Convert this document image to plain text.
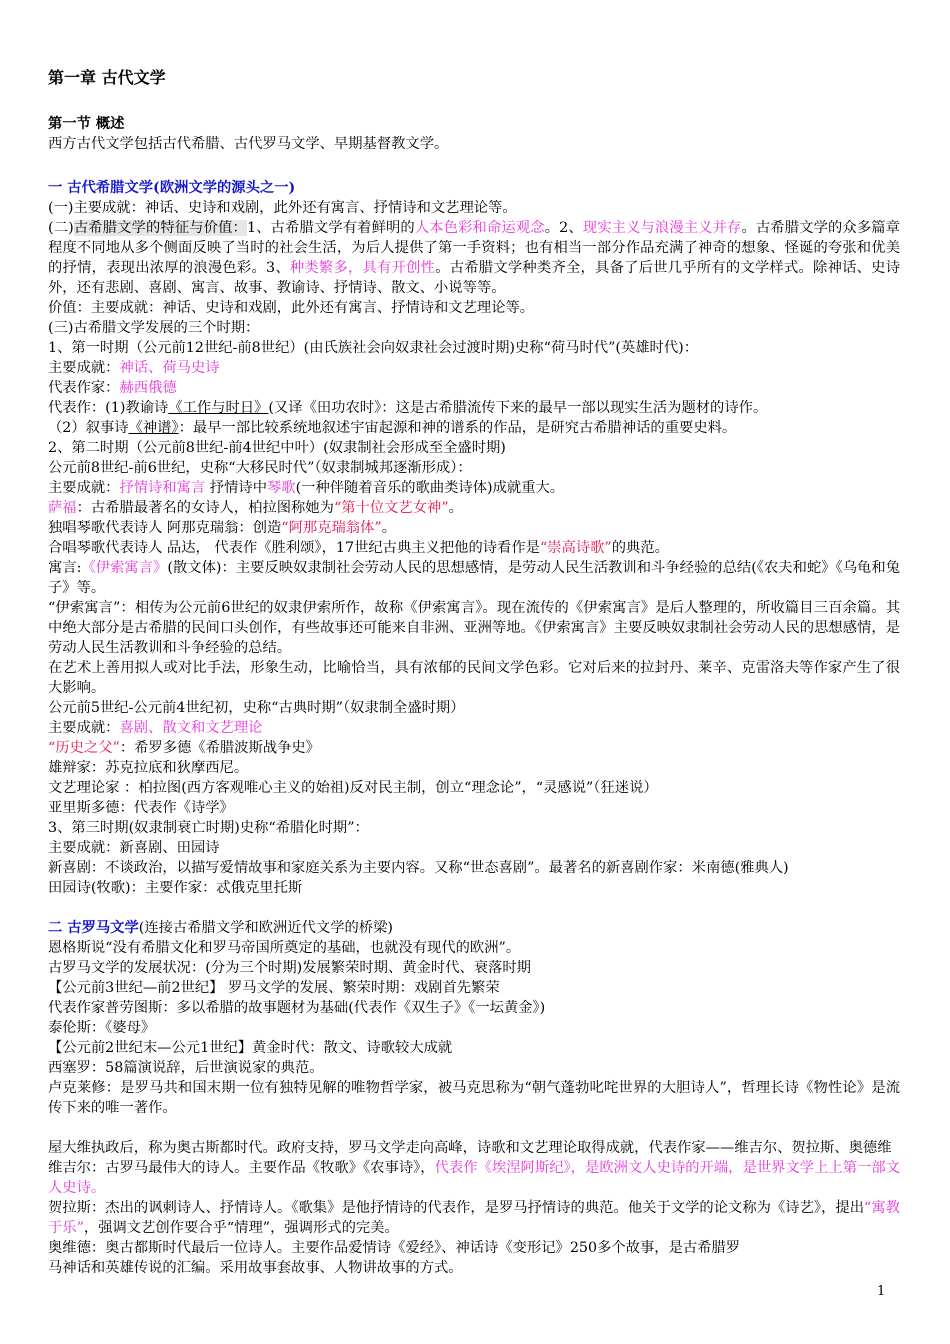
第一章 古代文学
第一节 概述
西方古代文学包括古代希腊、古代罗马文学、早期基督教文学。
一 古代希腊文学(欧洲文学的源头之一)
(一)主要成就：神话、史诗和戏剧，此外还有寓言、抒情诗和文艺理论等。
(二)古希腊文学的特征与价值：1、古希腊文学有着鲜明的人本色彩和命运观念。2、现实主义与浪漫主义并存。古希腊文学的众多篇章程度不同地从多个侧面反映了当时的社会生活，为后人提供了第一手资料；也有相当一部分作品充满了神奇的想象、怪诞的夸张和优美的抒情，表现出浓厚的浪漫色彩。3、种类繁多，具有开创性。古希腊文学种类齐全，具备了后世几乎所有的文学样式。除神话、史诗外，还有悲剧、喜剧、寓言、故事、教谕诗、抒情诗、散文、小说等等。
价值：主要成就：神话、史诗和戏剧，此外还有寓言、抒情诗和文艺理论等。
(三)古希腊文学发展的三个时期：
1、第一时期（公元前12世纪-前8世纪）(由氏族社会向奴隶社会过渡时期)史称“荷马时代”(英雄时代)：
主要成就：神话、荷马史诗
代表作家：赫西俄德
代表作：(1)教谕诗《工作与时日》(又译《田功农时》：这是古希腊流传下来的最早一部以现实生活为题材的诗作。
（2）叙事诗《神谱》：最早一部比较系统地叙述宇宙起源和神的谱系的作品，是研究古希腊神话的重要史料。
2、第二时期（公元前8世纪-前4世纪中叶）(奴隶制社会形成至全盛时期)
公元前8世纪-前6世纪，史称“大移民时代”（奴隶制城邦逐渐形成）：
主要成就：抒情诗和寓言 抒情诗中琴歌(一种伴随着音乐的歌曲类诗体)成就重大。
萨福：古希腊最著名的女诗人，柏拉图称她为“第十位文艺女神”。
独唱琴歌代表诗人 阿那克瑞翁：创造“阿那克瑞翁体”。
合唱琴歌代表诗人 品达， 代表作《胜利颂》，17世纪古典主义把他的诗看作是“崇高诗歌”的典范。
寓言:《伊索寓言》(散文体)：主要反映奴隶制社会劳动人民的思想感情，是劳动人民生活教训和斗争经验的总结(《农夫和蛇》《乌龟和兔子》等。
“伊索寓言”：相传为公元前6世纪的奴隶伊索所作，故称《伊索寓言》。现在流传的《伊索寓言》是后人整理的，所收篇目三百余篇。其中绝大部分是古希腊的民间口头创作，有些故事还可能来自非洲、亚洲等地。《伊索寓言》主要反映奴隶制社会劳动人民的思想感情，是劳动人民生活教训和斗争经验的总结。
在艺术上善用拟人或对比手法，形象生动，比喻恰当，具有浓郁的民间文学色彩。它对后来的拉封丹、莱辛、克雷洛夫等作家产生了很大影响。
公元前5世纪-公元前4世纪初，史称“古典时期”（奴隶制全盛时期）
主要成就：喜剧、散文和文艺理论
“历史之父”：希罗多德《希腊波斯战争史》
雄辩家：苏克拉底和狄摩西尼。
文艺理论家 ：柏拉图(西方客观唯心主义的始祖)反对民主制，创立“理念论”，“灵感说”（狂迷说）
亚里斯多德：代表作《诗学》
3、第三时期(奴隶制衰亡时期)史称“希腊化时期”：
主要成就：新喜剧、田园诗
新喜剧：不谈政治，以描写爱情故事和家庭关系为主要内容。又称“世态喜剧”。最著名的新喜剧作家：米南德(雅典人)
田园诗(牧歌)：主要作家：忒俄克里托斯
二 古罗马文学(连接古希腊文学和欧洲近代文学的桥梁)
恩格斯说“没有希腊文化和罗马帝国所奠定的基础，也就没有现代的欧洲”。
古罗马文学的发展状况：(分为三个时期)发展繁荣时期、黄金时代、衰落时期
【公元前3世纪—前2世纪】 罗马文学的发展、繁荣时期：戏剧首先繁荣
代表作家普劳图斯：多以希腊的故事题材为基础(代表作《双生子》《一坛黄金》)
泰伦斯：《婆母》
【公元前2世纪末—公元1世纪】黄金时代：散文、诗歌较大成就
西塞罗：58篇演说辞，后世演说家的典范。
卢克莱修：是罗马共和国末期一位有独特见解的唯物哲学家，被马克思称为“朝气蓬勃叱咤世界的大胆诗人”，哲理长诗《物性论》是流传下来的唯一著作。
屋大维执政后，称为奥古斯都时代。政府支持，罗马文学走向高峰，诗歌和文艺理论取得成就，代表作家——维吉尔、贺拉斯、奥德维
维吉尔：古罗马最伟大的诗人。主要作品《牧歌》《农事诗》，代表作《埃涅阿斯纪》，是欧洲文人史诗的开端，是世界文学上上第一部文人史诗。
贺拉斯：杰出的讽刺诗人、抒情诗人。《歌集》是他抒情诗的代表作，是罗马抒情诗的典范。他关于文学的论文称为《诗艺》，提出“寓教于乐”，强调文艺创作要合乎“情理”，强调形式的完美。
奥维德：奥古都斯时代最后一位诗人。主要作品爱情诗《爱经》、神话诗《变形记》250多个故事，是古希腊罗
马神话和英雄传说的汇编。采用故事套故事、人物讲故事的方式。
1
